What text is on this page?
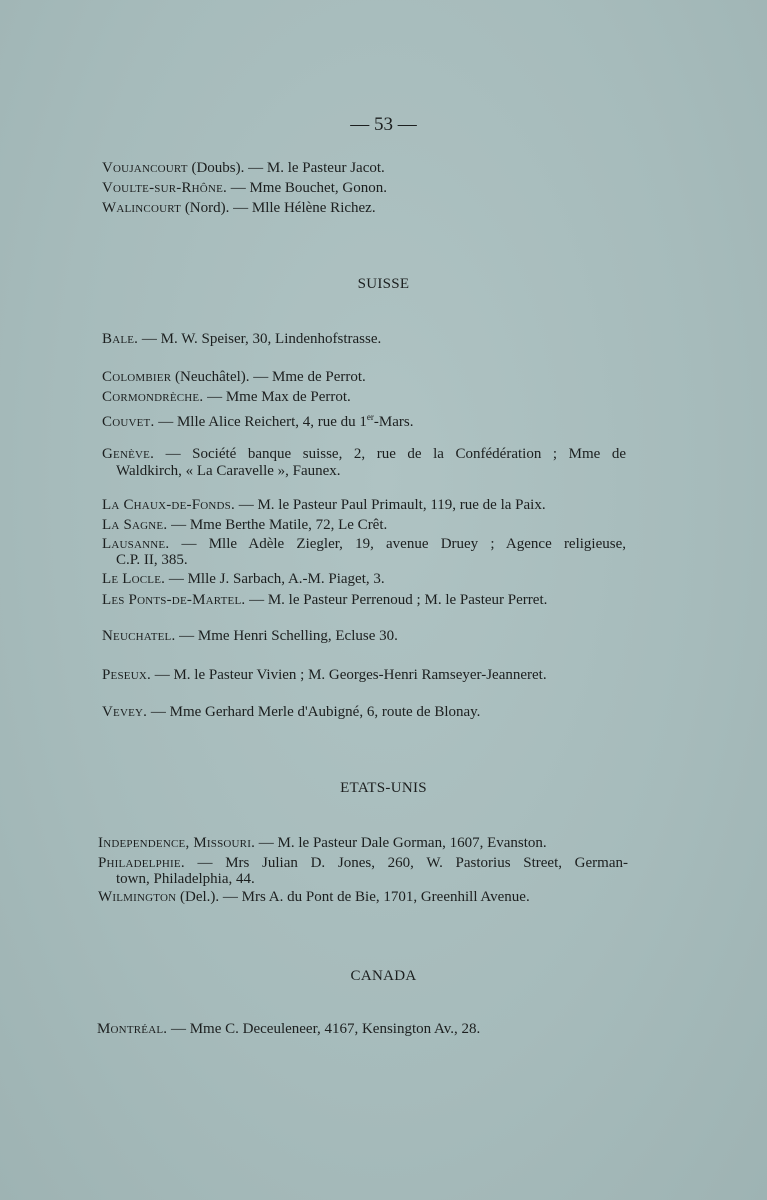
— 53 —
Voujancourt (Doubs). — M. le Pasteur Jacot.
Voulte-sur-Rhône. — Mme Bouchet, Gonon.
Walincourt (Nord). — Mlle Hélène Richez.
SUISSE
Bale. — M. W. Speiser, 30, Lindenhofstrasse.
Colombier (Neuchâtel). — Mme de Perrot.
Cormondrèche. — Mme Max de Perrot.
Couvet. — Mlle Alice Reichert, 4, rue du 1er-Mars.
Genève. — Société banque suisse, 2, rue de la Confédération ; Mme de
Waldkirch, « La Caravelle », Faunex.
La Chaux-de-Fonds. — M. le Pasteur Paul Primault, 119, rue de la Paix.
La Sagne. — Mme Berthe Matile, 72, Le Crêt.
Lausanne. — Mlle Adèle Ziegler, 19, avenue Druey ; Agence religieuse,
C.P. II, 385.
Le Locle. — Mlle J. Sarbach, A.-M. Piaget, 3.
Les Ponts-de-Martel. — M. le Pasteur Perrenoud ; M. le Pasteur Perret.
Neuchatel. — Mme Henri Schelling, Ecluse 30.
Peseux. — M. le Pasteur Vivien ; M. Georges-Henri Ramseyer-Jeanneret.
Vevey. — Mme Gerhard Merle d'Aubigné, 6, route de Blonay.
ETATS-UNIS
Independence, Missouri. — M. le Pasteur Dale Gorman, 1607, Evanston.
Philadelphie. — Mrs Julian D. Jones, 260, W. Pastorius Street, German-
town, Philadelphia, 44.
Wilmington (Del.). — Mrs A. du Pont de Bie, 1701, Greenhill Avenue.
CANADA
Montréal. — Mme C. Deceuleneer, 4167, Kensington Av., 28.
